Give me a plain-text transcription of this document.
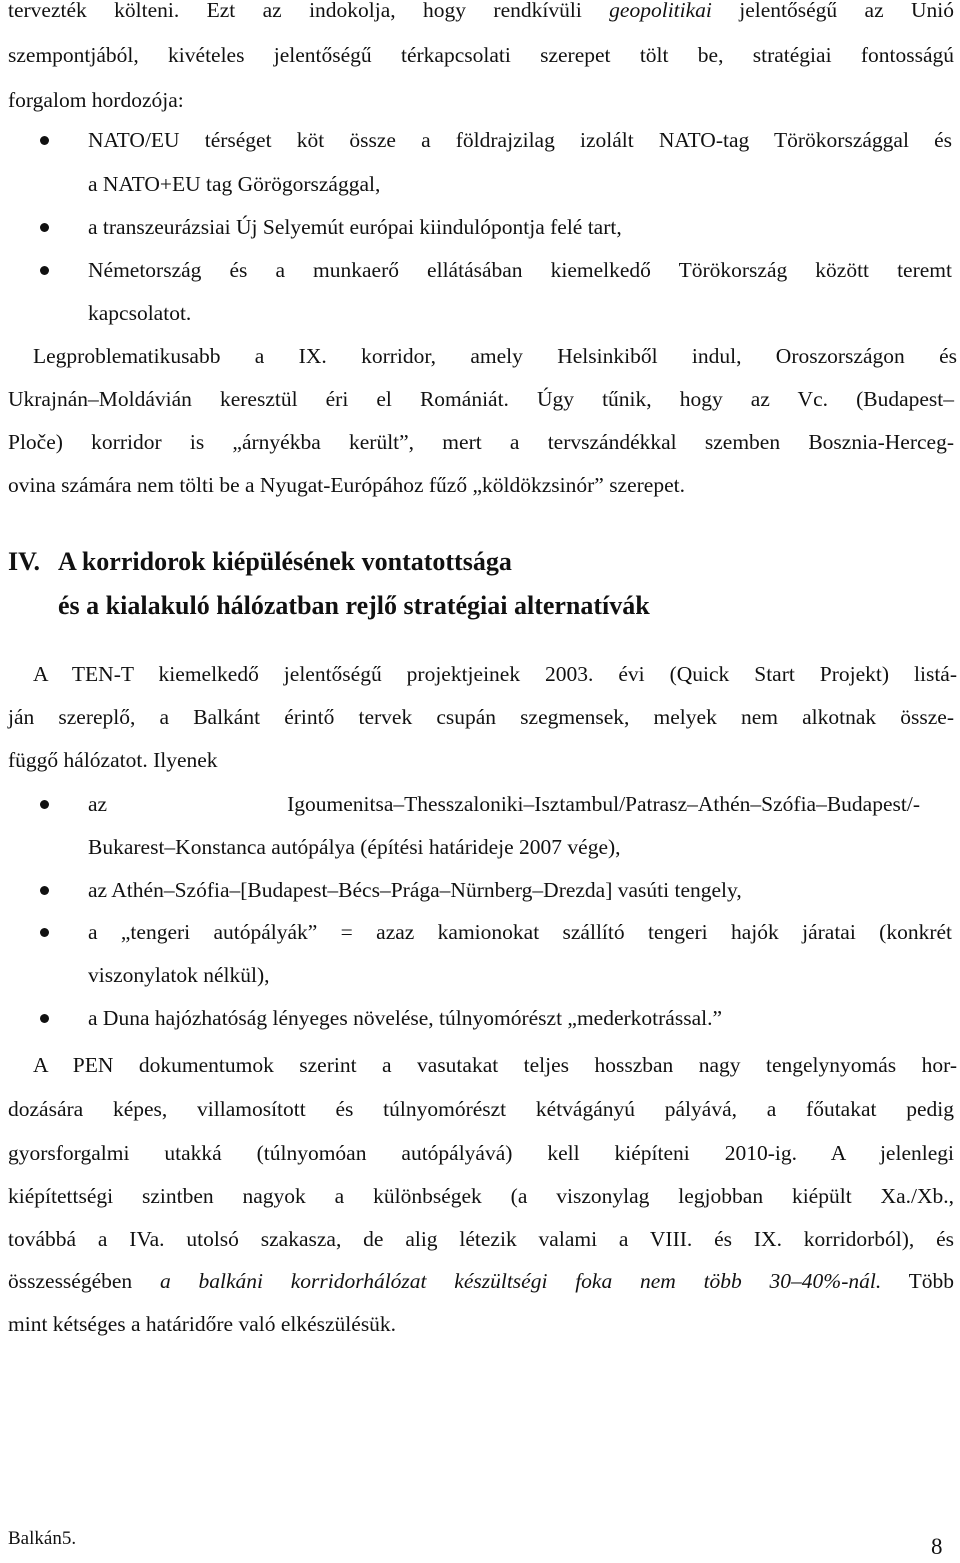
tervezték költeni. Ezt az indokolja, hogy rendkívüli geopolitikai jelentőségű az Unió
szempontjából, kivételes jelentőségű térkapcsolati szerepet tölt be, stratégiai fontosságú
forgalom hordozója:
NATO/EU térséget köt össze a földrajzilag izolált NATO-tag Törökországgal és
a NATO+EU tag Görögországgal,
a transzeurázsiai Új Selyemút európai kiindulópontja felé tart,
Németország és a munkaerő ellátásában kiemelkedő Törökország között teremt
kapcsolatot.
Legproblematikusabb a IX. korridor, amely Helsinkiből indul, Oroszországon és
Ukrajnán–Moldávián keresztül éri el Romániát. Úgy tűnik, hogy az Vc. (Budapest–
Ploče) korridor is „árnyékba került”, mert a tervszándékkal szemben Bosznia-Herceg-
ovina számára nem tölti be a Nyugat-Európához fűző „köldökzsinór” szerepet.
IV. A korridorok kiépülésének vontatottsága
és a kialakuló hálózatban rejlő stratégiai alternatívák
A TEN-T kiemelkedő jelentőségű projektjeinek 2003. évi (Quick Start Projekt) listá-
ján szereplő, a Balkánt érintő tervek csupán szegmensek, melyek nem alkotnak össze-
függő hálózatot. Ilyenek
az Igoumenitsa–Thesszaloniki–Isztambul/Patrasz–Athén–Szófia–Budapest/-
Bukarest–Konstanca autópálya (építési határideje 2007 vége),
az Athén–Szófia–[Budapest–Bécs–Prága–Nürnberg–Drezda] vasúti tengely,
a „tengeri autópályák” = azaz kamionokat szállító tengeri hajók járatai (konkrét
viszonylatok nélkül),
a Duna hajózhatóság lényeges növelése, túlnyomórészt „mederkotrással.”
A PEN dokumentumok szerint a vasutakat teljes hosszban nagy tengelynyomás hor-
dozására képes, villamosított és túlnyomórészt kétvágányú pályává, a főutakat pedig
gyorsforgalmi utakká (túlnyomóan autópályává) kell kiépíteni 2010-ig. A jelenlegi
kiépítettségi szintben nagyok a különbségek (a viszonylag legjobban kiépült Xa./Xb.,
továbbá a IVa. utolsó szakasza, de alig létezik valami a VIII. és IX. korridorból), és
összességében a balkáni korridorhálózat készültségi foka nem több 30–40%-nál. Több
mint kétséges a határidőre való elkészülésük.
Balkán5.	8
